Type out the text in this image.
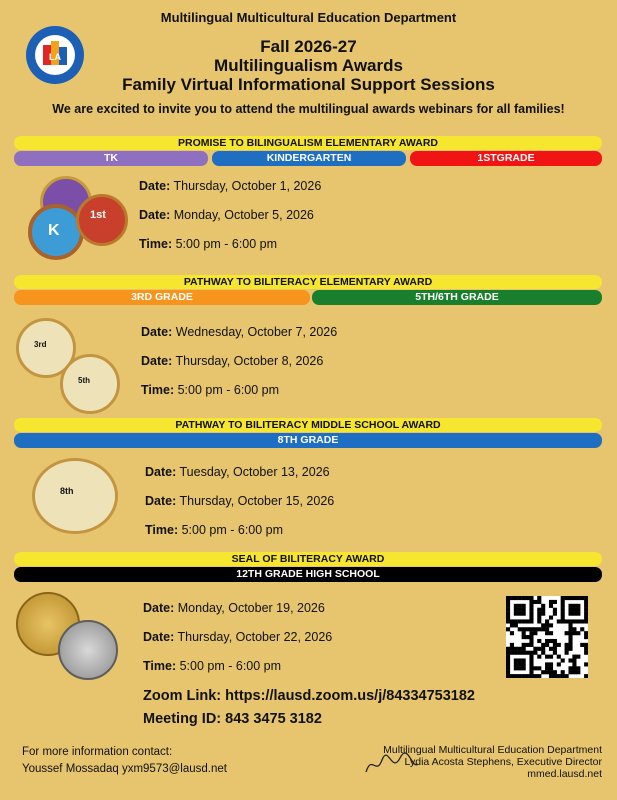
LA
Multilingual Multicultural Education Department
Fall 2026-27
Multilingualism Awards
Family Virtual Informational Support Sessions
We are excited to invite you to attend the multilingual awards webinars for all families!
PROMISE TO BILINGUALISM ELEMENTARY AWARD
TK	KINDERGARTEN	1STGRADE
K
1st
Date: Thursday, October 1, 2026
Date: Monday, October 5, 2026
Time: 5:00 pm - 6:00 pm
PATHWAY TO BILITERACY ELEMENTARY AWARD
3RD GRADE	5TH/6TH GRADE
3rd
5th
Date: Wednesday, October 7, 2026
Date: Thursday, October 8, 2026
Time: 5:00 pm - 6:00 pm
PATHWAY TO BILITERACY MIDDLE SCHOOL AWARD
8TH GRADE
8th
Date: Tuesday, October 13, 2026
Date: Thursday, October 15, 2026
Time: 5:00 pm - 6:00 pm
SEAL OF BILITERACY AWARD
12TH GRADE HIGH SCHOOL
Date: Monday, October 19, 2026
Date: Thursday, October 22, 2026
Time: 5:00 pm - 6:00 pm
Zoom Link: https://lausd.zoom.us/j/84334753182
Meeting ID: 843 3475 3182
For more information contact:
Youssef Mossadaq yxm9573@lausd.net
Multilingual Multicultural Education Department
Lydia Acosta Stephens, Executive Director
mmed.lausd.net
